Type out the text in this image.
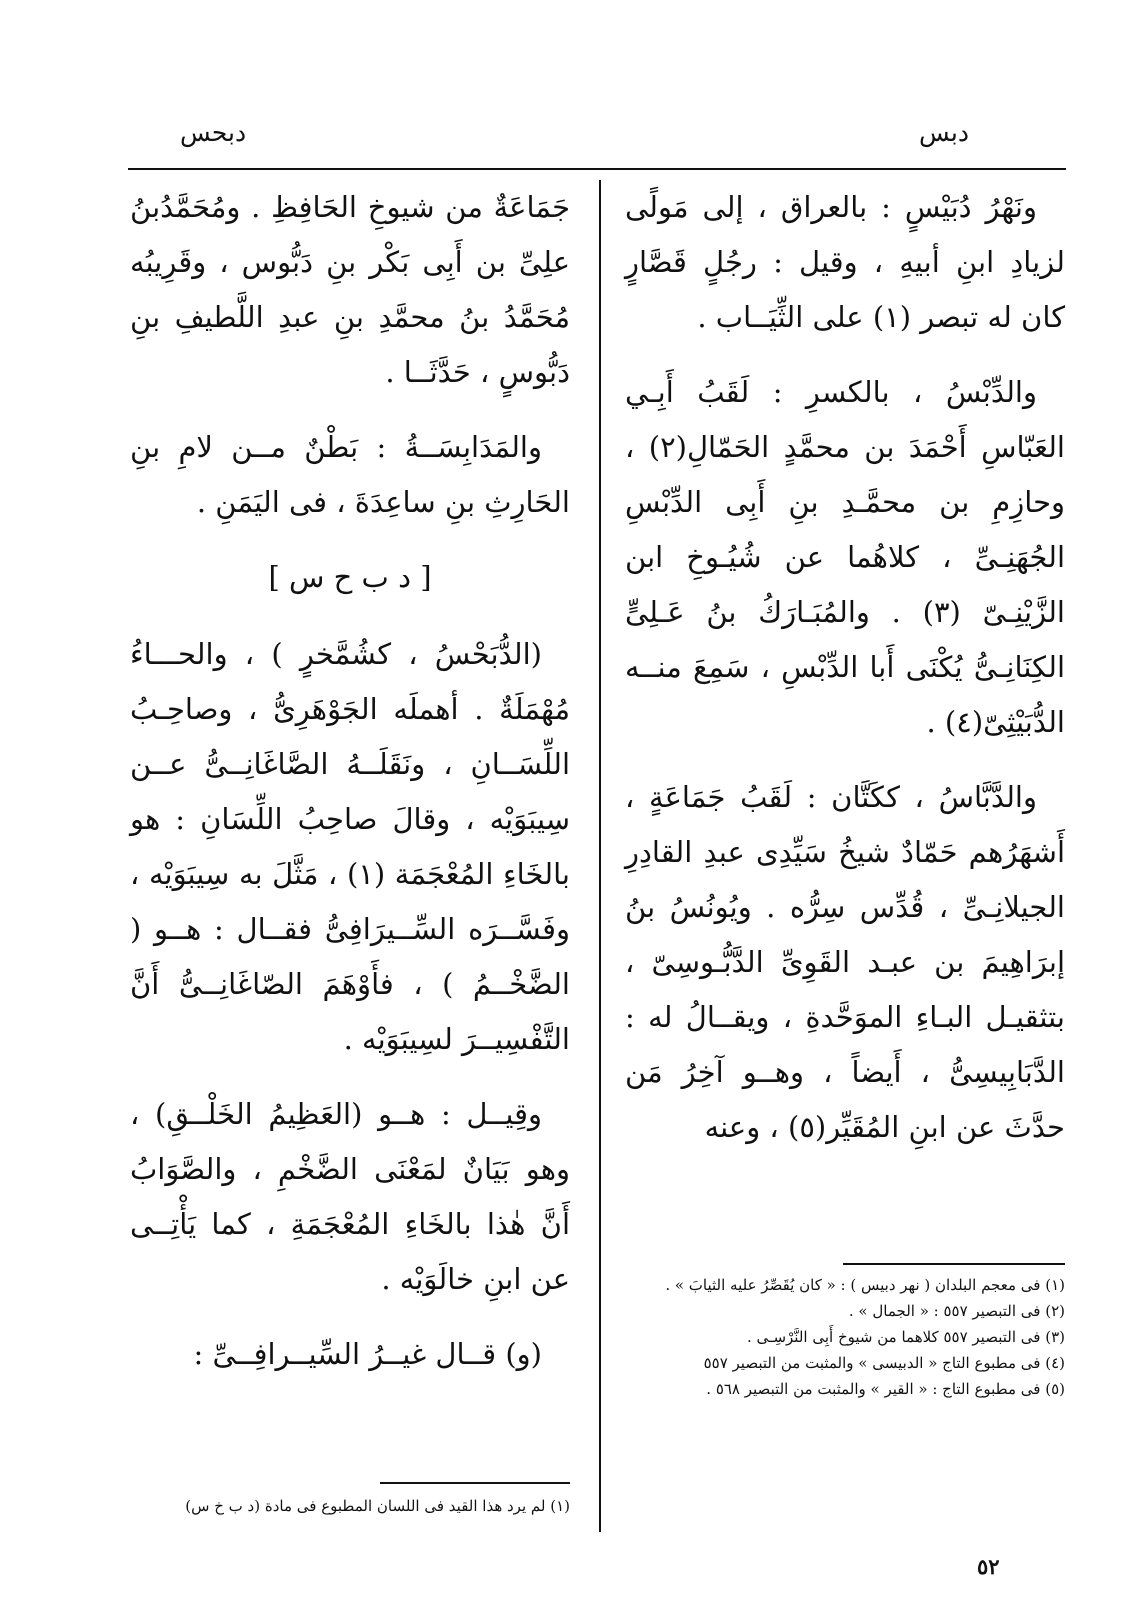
دبس
دبحس

ونَهْرُ دُبَيْسٍ : بالعراق ، إلى مَولًى لزيادِ ابنِ أبيهِ ، وقيل : رجُلٍ قَصَّارٍ كان له تبصر (١) على الثِّيَــاب .

والدِّبْسُ ، بالكسرِ : لَقَبُ أَبِـي العَبّاسِ أَحْمَدَ بن محمَّدٍ الحَمّالِ(٢) ، وحازِمِ بن محمَّـدِ بنِ أَبِى الدِّبْسِ الجُهَنِـىِّ ، كلاهُما عن شُيُـوخِ ابن الزَّيْنِـىّ (٣) . والمُبَـارَكُ بنُ عَـلِىٍّ الكِنَانِـىُّ يُكْنَى أَبا الدِّبْسِ ، سَمِعَ منــه الدُّبَيْثِىّ(٤) .

والدَّبَّاسُ ، ككَتَّان : لَقَبُ جَمَاعَةٍ ، أَشهَرُهم حَمّادٌ شيخُ سَيِّدِى عبدِ القادِرِ الجيلانِـىِّ ، قُدِّس سِرُّه . ويُونُسُ بنُ إبرَاهِيمَ بن عبـد القَوِىِّ الدَّبُّـوسِىّ ، بتثقيـل البـاءِ الموَحَّدةِ ، ويقــالُ له : الدَّبَابِيسِىُّ ، أَيضاً ، وهــو آخِرُ مَن حدَّثَ عن ابنِ المُقَيِّر(٥) ، وعنه

جَمَاعَةٌ من شيوخِ الحَافِظِ . ومُحَمَّدُبنُ علِىِّ بن أَبِى بَكْر بنِ دَبُّوس ، وقَرِيبُه مُحَمَّدُ بنُ محمَّدِ بنِ عبدِ اللَّطيفِ بنِ دَبُّوسٍ ، حَدَّثَــا .

والمَدَابِسَــةُ : بَطْنٌ مــن لامِ بنِ الحَارِثِ بنِ ساعِدَةَ ، فى اليَمَنِ .

[ د ب ح س ]

(الدُّبَحْسُ ، كشُمَّخرٍ ) ، والحـــاءُ مُهْمَلَةٌ . أهملَه الجَوْهَرِىُّ ، وصاحِـبُ اللِّسَــانِ ، ونَقَلَــهُ الصَّاغَانِــىُّ عــن سِيبَوَيْه ، وقالَ صاحِبُ اللِّسَانِ : هو بالخَاءِ المُعْجَمَة (١) ، مَثَّلَ به سِيبَوَيْه ، وفَسَّــرَه السِّــيرَافِىُّ فقــال : هــو ( الضَّخْــمُ ) ، فأَوْهَمَ الصّاغَانِــىُّ أَنَّ التَّفْسِيــرَ لسِيبَوَيْه .

وقِيــل : هــو (العَظِيمُ الخَلْــقِ) ، وهو بَيَانٌ لمَعْنَى الضَّخْمِ ، والصَّوَابُ أَنَّ هٰذا بالخَاءِ المُعْجَمَةِ ، كما يَأْتِــى عن ابنِ خالَوَيْه .

(و) قــال غيــرُ السِّيــرافِــىِّ :

(١) فى معجم البلدان ( نهر دبيس ) : « كان يُقَصِّرُ عليه الثيابَ » .

(٢) فى التبصير ٥٥٧ : « الجمال » .

(٣) فى التبصير ٥٥٧ كلاهما من شيوخ أَبِى النَّرْسِـى .

(٤) فى مطبوع التاج « الدبيسى » والمثبت من التبصير ٥٥٧

(٥) فى مطبوع التاج : « القير » والمثبت من التبصير ٥٦٨ .

(١) لم يرد هذا القيد فى اللسان المطبوع فى مادة (د ب خ س)

٥٢
